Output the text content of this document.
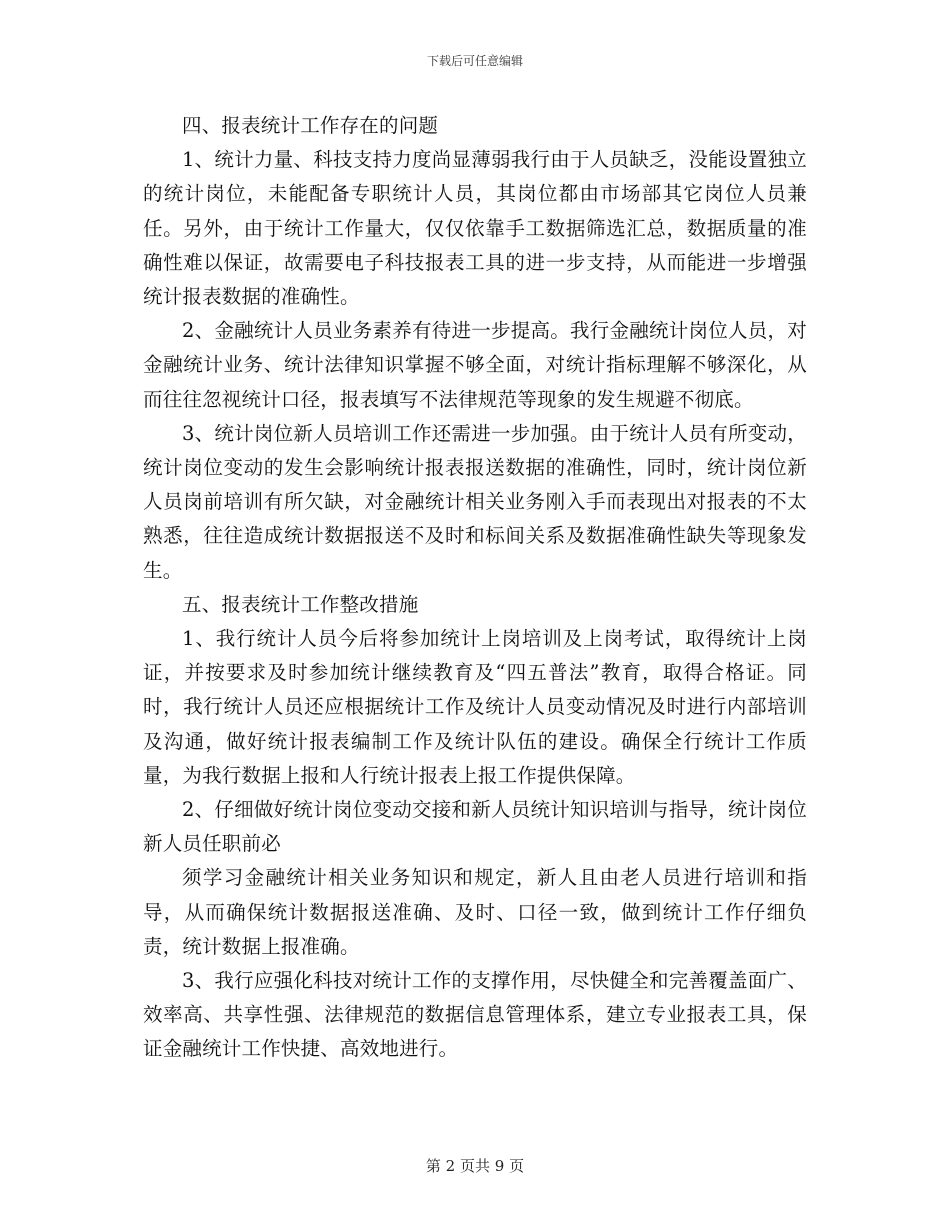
下载后可任意编辑

四、报表统计工作存在的问题

1、统计力量、科技支持力度尚显薄弱我行由于人员缺乏，没能设置独立的统计岗位，未能配备专职统计人员，其岗位都由市场部其它岗位人员兼任。另外，由于统计工作量大，仅仅依靠手工数据筛选汇总，数据质量的准确性难以保证，故需要电子科技报表工具的进一步支持，从而能进一步增强统计报表数据的准确性。

2、金融统计人员业务素养有待进一步提高。我行金融统计岗位人员，对金融统计业务、统计法律知识掌握不够全面，对统计指标理解不够深化，从而往往忽视统计口径，报表填写不法律规范等现象的发生规避不彻底。

3、统计岗位新人员培训工作还需进一步加强。由于统计人员有所变动，统计岗位变动的发生会影响统计报表报送数据的准确性，同时，统计岗位新人员岗前培训有所欠缺，对金融统计相关业务刚入手而表现出对报表的不太熟悉，往往造成统计数据报送不及时和标间关系及数据准确性缺失等现象发生。

五、报表统计工作整改措施

1、我行统计人员今后将参加统计上岗培训及上岗考试，取得统计上岗证，并按要求及时参加统计继续教育及“四五普法”教育，取得合格证。同时，我行统计人员还应根据统计工作及统计人员变动情况及时进行内部培训及沟通，做好统计报表编制工作及统计队伍的建设。确保全行统计工作质量，为我行数据上报和人行统计报表上报工作提供保障。

2、仔细做好统计岗位变动交接和新人员统计知识培训与指导，统计岗位新人员任职前必

须学习金融统计相关业务知识和规定，新人且由老人员进行培训和指导，从而确保统计数据报送准确、及时、口径一致，做到统计工作仔细负责，统计数据上报准确。

3、我行应强化科技对统计工作的支撑作用，尽快健全和完善覆盖面广、效率高、共享性强、法律规范的数据信息管理体系，建立专业报表工具，保证金融统计工作快捷、高效地进行。

第 2 页共 9 页
